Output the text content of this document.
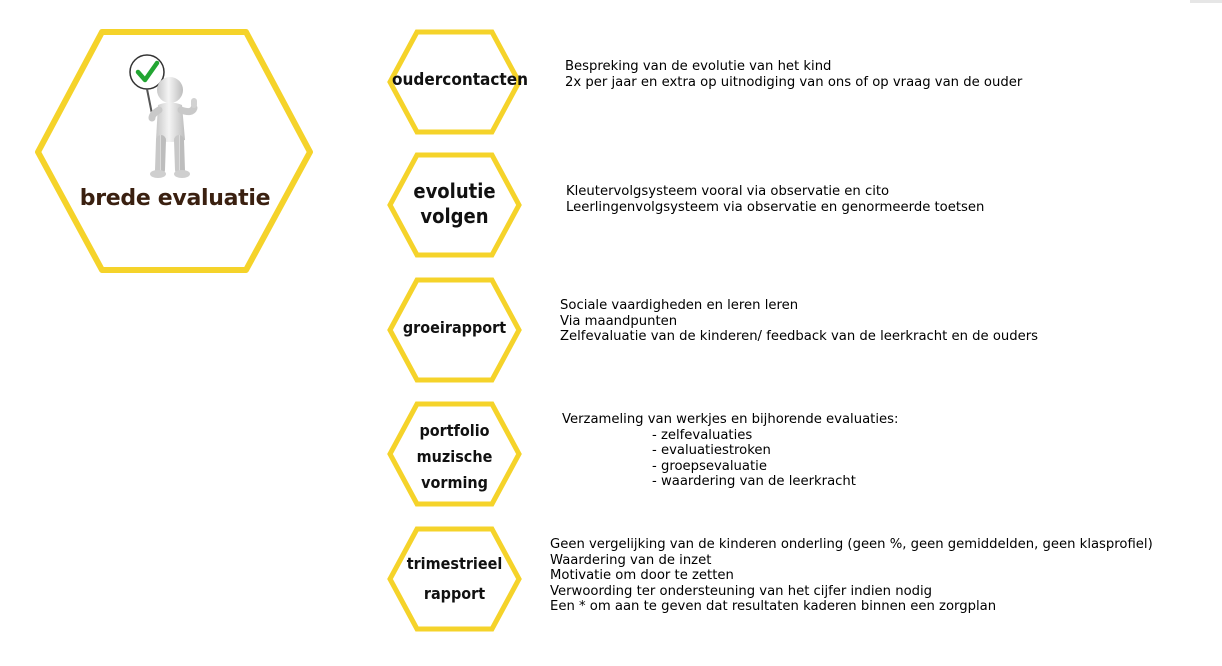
brede evaluatie
oudercontacten
evolutie
volgen
groeirapport
portfolio
muzische
vorming
trimestrieel
rapport
Bespreking van de evolutie van het kind
2x per jaar en extra op uitnodiging van ons of op vraag van de ouder
Kleutervolgsysteem vooral via observatie en cito
Leerlingenvolgsysteem via observatie en genormeerde toetsen
Sociale vaardigheden en leren leren
Via maandpunten
Zelfevaluatie van de kinderen/ feedback van de leerkracht en de ouders
Verzameling van werkjes en bijhorende evaluaties:
- zelfevaluaties
- evaluatiestroken
- groepsevaluatie
- waardering van de leerkracht
Geen vergelijking van de kinderen onderling (geen %, geen gemiddelden, geen klasprofiel)
Waardering van de inzet
Motivatie om door te zetten
Verwoording ter ondersteuning van het cijfer indien nodig
Een * om aan te geven dat resultaten kaderen binnen een zorgplan
